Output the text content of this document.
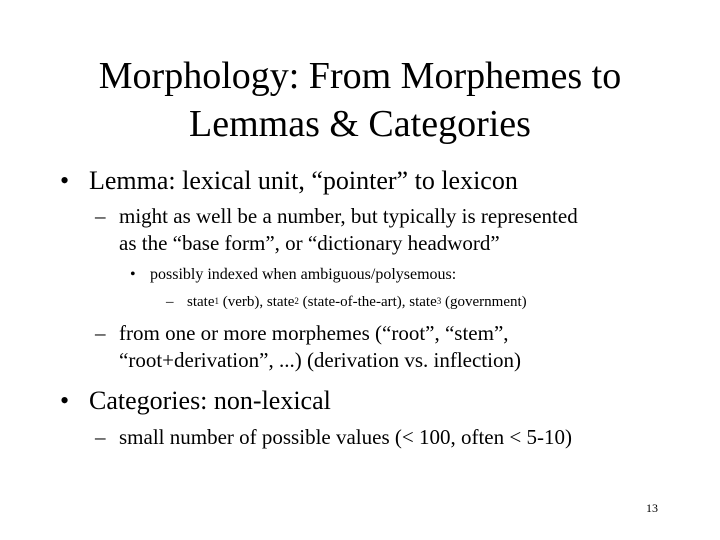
Morphology: From Morphemes to
Lemmas & Categories
• Lemma: lexical unit, “pointer” to lexicon
– might as well be a number, but typically is represented
as the “base form”, or “dictionary headword”
• possibly indexed when ambiguous/polysemous:
– state$^1$ (verb), state$^2$ (state-of-the-art), state$^3$ (government)
– from one or more morphemes (“root”, “stem”,
“root+derivation”, ...) (derivation vs. inflection)
• Categories: non-lexical
– small number of possible values (< 100, often < 5-10)
13
